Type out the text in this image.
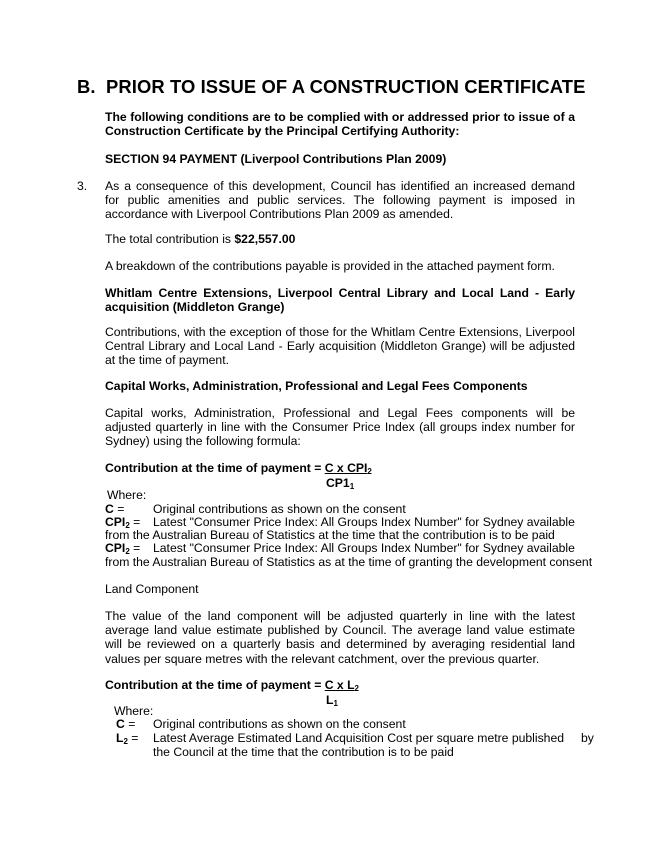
B. PRIOR TO ISSUE OF A CONSTRUCTION CERTIFICATE
The following conditions are to be complied with or addressed prior to issue of a Construction Certificate by the Principal Certifying Authority:
SECTION 94 PAYMENT (Liverpool Contributions Plan 2009)
3. As a consequence of this development, Council has identified an increased demand for public amenities and public services. The following payment is imposed in accordance with Liverpool Contributions Plan 2009 as amended.
The total contribution is $22,557.00
A breakdown of the contributions payable is provided in the attached payment form.
Whitlam Centre Extensions, Liverpool Central Library and Local Land - Early acquisition (Middleton Grange)
Contributions, with the exception of those for the Whitlam Centre Extensions, Liverpool Central Library and Local Land - Early acquisition (Middleton Grange) will be adjusted at the time of payment.
Capital Works, Administration, Professional and Legal Fees Components
Capital works, Administration, Professional and Legal Fees components will be adjusted quarterly in line with the Consumer Price Index (all groups index number for Sydney) using the following formula:
Contribution at the time of payment = C x $CPI_2$
$CP1_1$
Where:
C = Original contributions as shown on the consent
$CPI_2$ = Latest "Consumer Price Index: All Groups Index Number" for Sydney available
from the Australian Bureau of Statistics at the time that the contribution is to be paid
$CPI_2$ = Latest "Consumer Price Index: All Groups Index Number" for Sydney available
from the Australian Bureau of Statistics as at the time of granting the development consent
Land Component
The value of the land component will be adjusted quarterly in line with the latest average land value estimate published by Council. The average land value estimate will be reviewed on a quarterly basis and determined by averaging residential land values per square metres with the relevant catchment, over the previous quarter.
Contribution at the time of payment = C x $L_2$
$L_1$
Where:
C = Original contributions as shown on the consent
$L_2$ = Latest Average Estimated Land Acquisition Cost per square metre published     by
the Council at the time that the contribution is to be paid
